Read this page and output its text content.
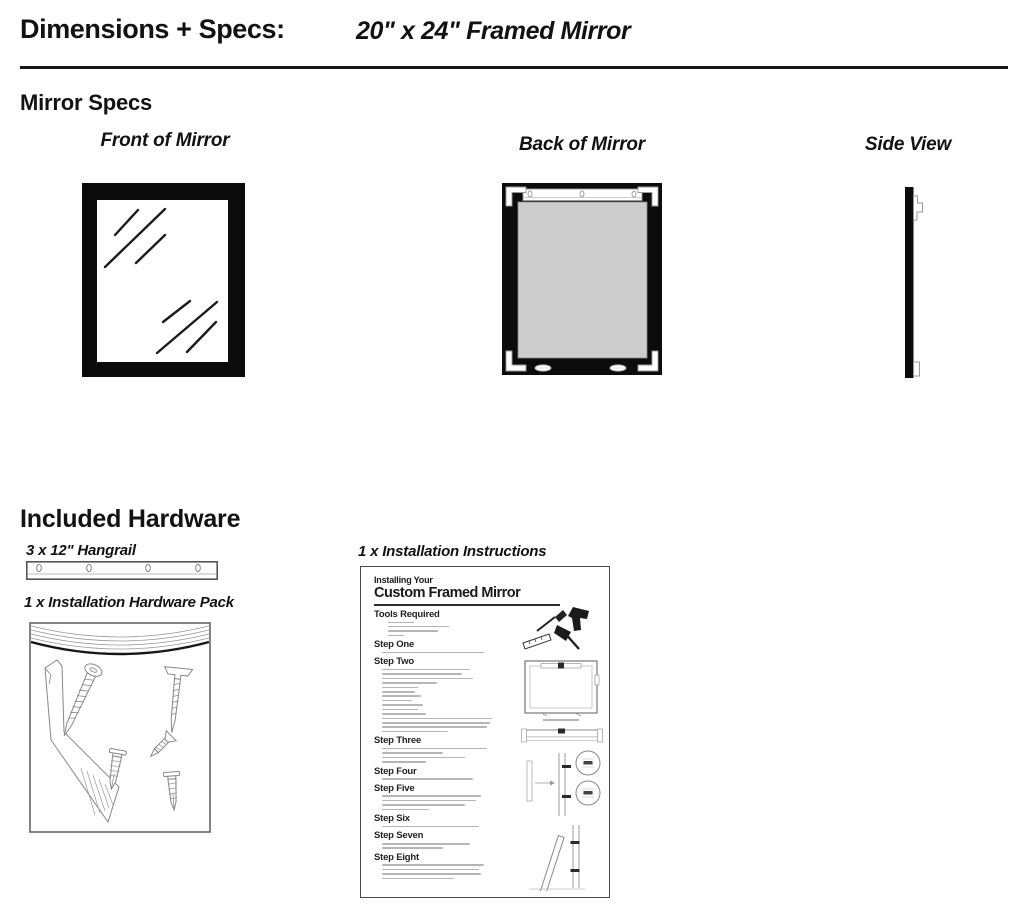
Dimensions + Specs:	20" x 24" Framed Mirror
Mirror Specs
Front of Mirror	Back of Mirror	Side View
Included Hardware
3 x 12" Hangrail
1 x Installation Hardware Pack
1 x Installation Instructions
Installing Your
Custom Framed Mirror
Tools Required
Step One
Step Two
Step Three
Step Four
Step Five
Step Six
Step Seven
Step Eight
